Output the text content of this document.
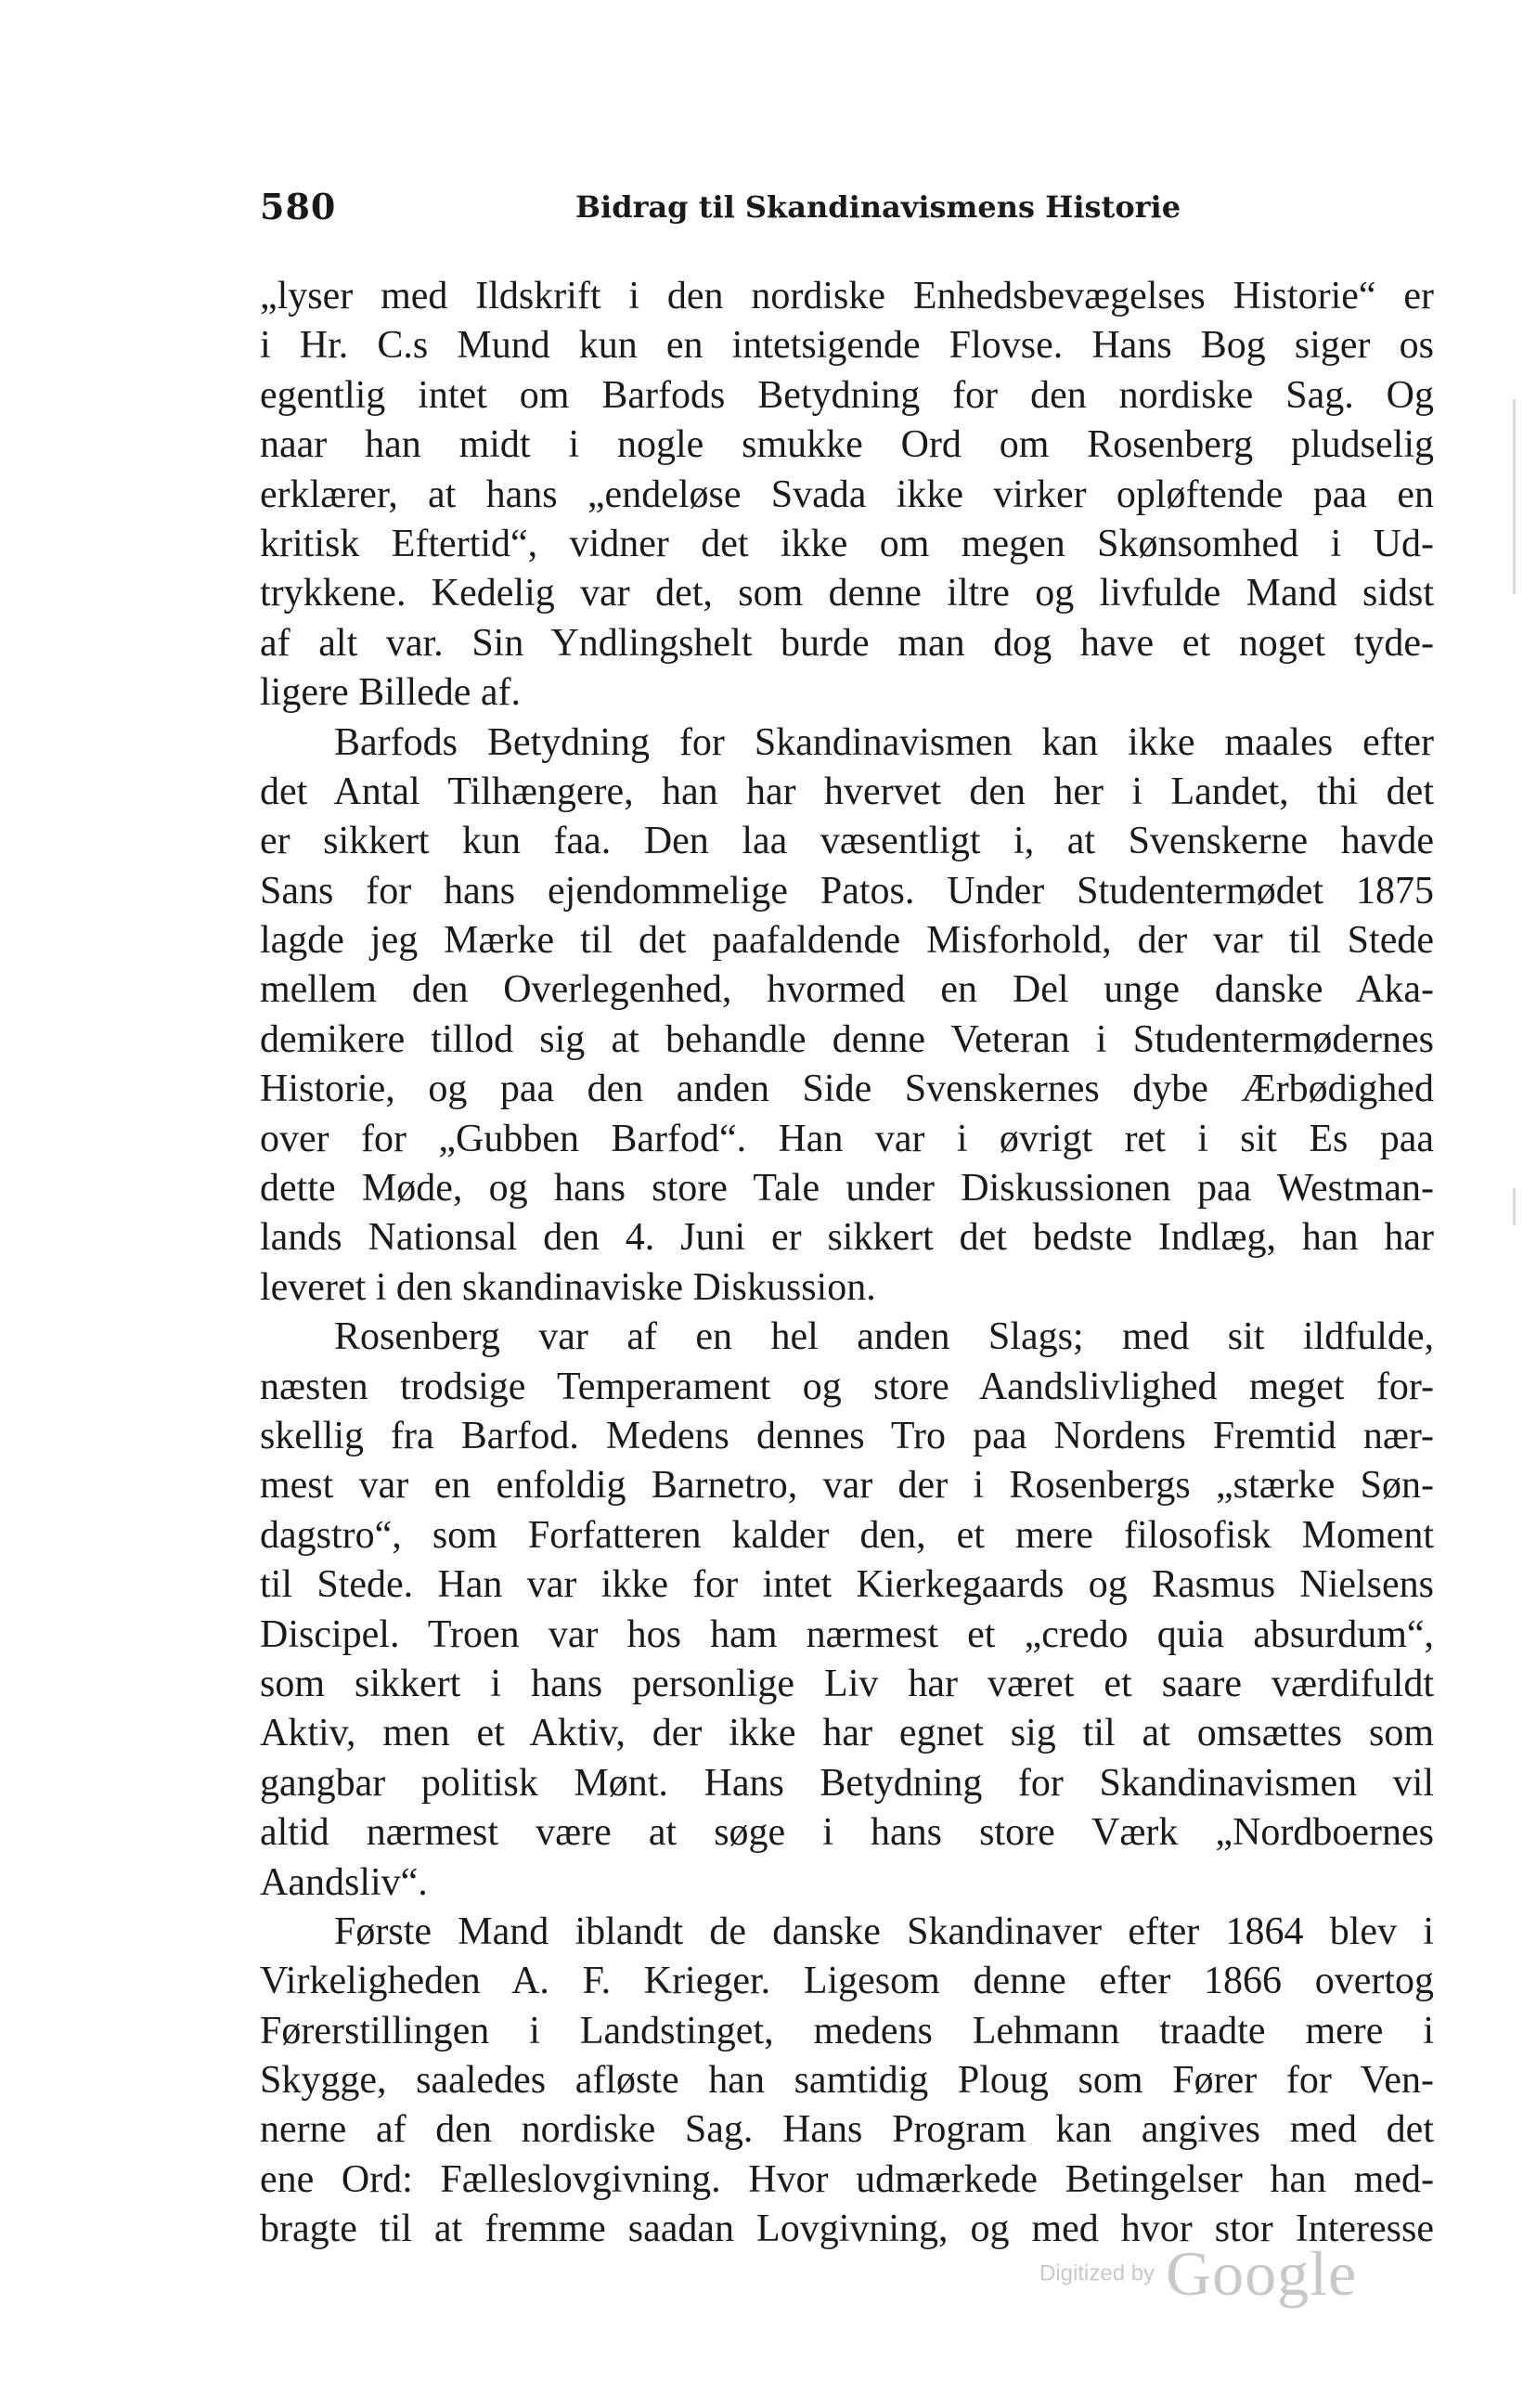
580	Bidrag til Skandinavismens Historie
„lyser med Ildskrift i den nordiske Enhedsbevægelses Historie“ er
i Hr. C.s Mund kun en intetsigende Flovse. Hans Bog siger os
egentlig intet om Barfods Betydning for den nordiske Sag. Og
naar han midt i nogle smukke Ord om Rosenberg pludselig
erklærer, at hans „endeløse Svada ikke virker opløftende paa en
kritisk Eftertid“, vidner det ikke om megen Skønsomhed i Ud-
trykkene. Kedelig var det, som denne iltre og livfulde Mand sidst
af alt var. Sin Yndlingshelt burde man dog have et noget tyde-
ligere Billede af.
Barfods Betydning for Skandinavismen kan ikke maales efter
det Antal Tilhængere, han har hvervet den her i Landet, thi det
er sikkert kun faa. Den laa væsentligt i, at Svenskerne havde
Sans for hans ejendommelige Patos. Under Studentermødet 1875
lagde jeg Mærke til det paafaldende Misforhold, der var til Stede
mellem den Overlegenhed, hvormed en Del unge danske Aka-
demikere tillod sig at behandle denne Veteran i Studentermødernes
Historie, og paa den anden Side Svenskernes dybe Ærbødighed
over for „Gubben Barfod“. Han var i øvrigt ret i sit Es paa
dette Møde, og hans store Tale under Diskussionen paa Westman-
lands Nationsal den 4. Juni er sikkert det bedste Indlæg, han har
leveret i den skandinaviske Diskussion.
Rosenberg var af en hel anden Slags; med sit ildfulde,
næsten trodsige Temperament og store Aandslivlighed meget for-
skellig fra Barfod. Medens dennes Tro paa Nordens Fremtid nær-
mest var en enfoldig Barnetro, var der i Rosenbergs „stærke Søn-
dagstro“, som Forfatteren kalder den, et mere filosofisk Moment
til Stede. Han var ikke for intet Kierkegaards og Rasmus Nielsens
Discipel. Troen var hos ham nærmest et „credo quia absurdum“,
som sikkert i hans personlige Liv har været et saare værdifuldt
Aktiv, men et Aktiv, der ikke har egnet sig til at omsættes som
gangbar politisk Mønt. Hans Betydning for Skandinavismen vil
altid nærmest være at søge i hans store Værk „Nordboernes
Aandsliv“.
Første Mand iblandt de danske Skandinaver efter 1864 blev i
Virkeligheden A. F. Krieger. Ligesom denne efter 1866 overtog
Førerstillingen i Landstinget, medens Lehmann traadte mere i
Skygge, saaledes afløste han samtidig Ploug som Fører for Ven-
nerne af den nordiske Sag. Hans Program kan angives med det
ene Ord: Fælleslovgivning. Hvor udmærkede Betingelser han med-
bragte til at fremme saadan Lovgivning, og med hvor stor Interesse
Digitized by Google
